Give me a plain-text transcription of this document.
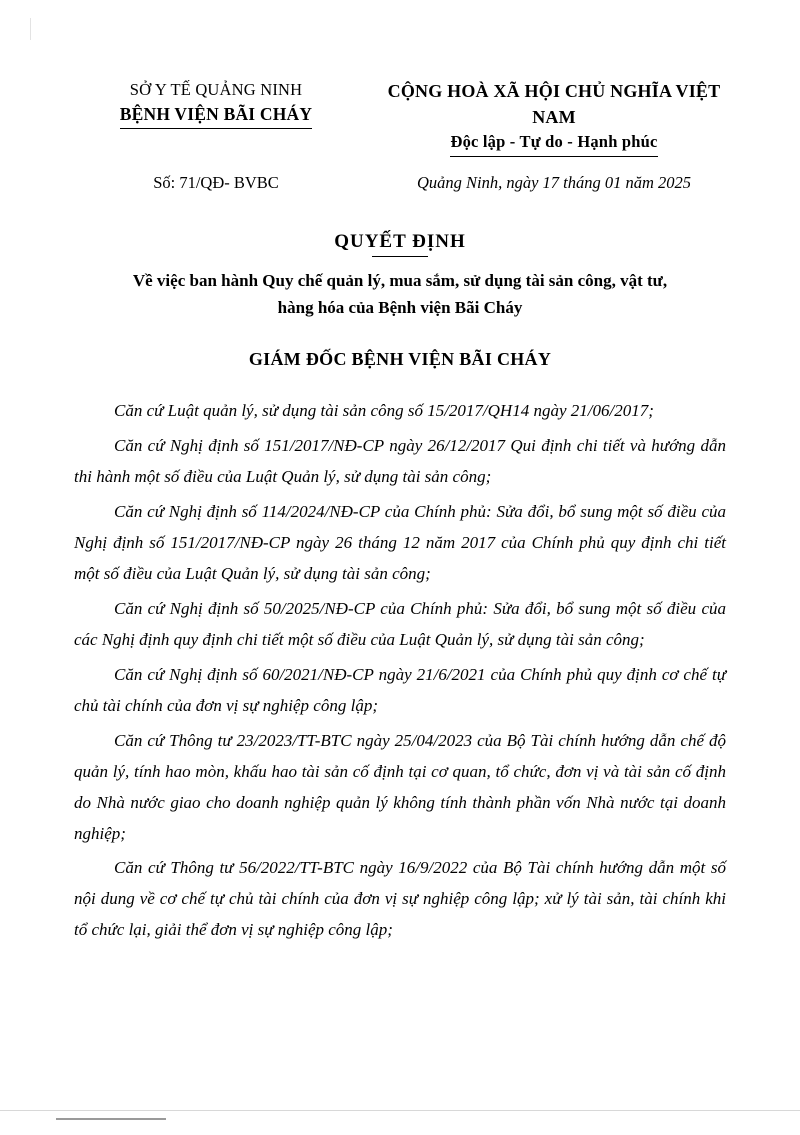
SỞ Y TẾ QUẢNG NINH
BỆNH VIỆN BÃI CHÁY
CỘNG HOÀ XÃ HỘI CHỦ NGHĨA VIỆT NAM
Độc lập - Tự do - Hạnh phúc
Số: 71/QĐ- BVBC	Quảng Ninh, ngày 17 tháng 01 năm 2025
QUYẾT ĐỊNH
Về việc ban hành Quy chế quản lý, mua sắm, sử dụng tài sản công, vật tư,
hàng hóa của Bệnh viện Bãi Cháy
GIÁM ĐỐC BỆNH VIỆN BÃI CHÁY

Căn cứ Luật quản lý, sử dụng tài sản công số 15/2017/QH14 ngày 21/06/2017;

Căn cứ Nghị định số 151/2017/NĐ-CP ngày 26/12/2017 Qui định chi tiết và hướng dẫn thi hành một số điều của Luật Quản lý, sử dụng tài sản công;

Căn cứ Nghị định số 114/2024/NĐ-CP của Chính phủ: Sửa đổi, bổ sung một số điều của Nghị định số 151/2017/NĐ-CP ngày 26 tháng 12 năm 2017 của Chính phủ quy định chi tiết một số điều của Luật Quản lý, sử dụng tài sản công;

Căn cứ Nghị định số 50/2025/NĐ-CP của Chính phủ: Sửa đổi, bổ sung một số điều của các Nghị định quy định chi tiết một số điều của Luật Quản lý, sử dụng tài sản công;

Căn cứ Nghị định số 60/2021/NĐ-CP ngày 21/6/2021 của Chính phủ quy định cơ chế tự chủ tài chính của đơn vị sự nghiệp công lập;

Căn cứ Thông tư 23/2023/TT-BTC ngày 25/04/2023 của Bộ Tài chính hướng dẫn chế độ quản lý, tính hao mòn, khấu hao tài sản cố định tại cơ quan, tổ chức, đơn vị và tài sản cố định do Nhà nước giao cho doanh nghiệp quản lý không tính thành phần vốn Nhà nước tại doanh nghiệp;

Căn cứ Thông tư 56/2022/TT-BTC ngày 16/9/2022 của Bộ Tài chính hướng dẫn một số nội dung về cơ chế tự chủ tài chính của đơn vị sự nghiệp công lập; xử lý tài sản, tài chính khi tổ chức lại, giải thể đơn vị sự nghiệp công lập;
